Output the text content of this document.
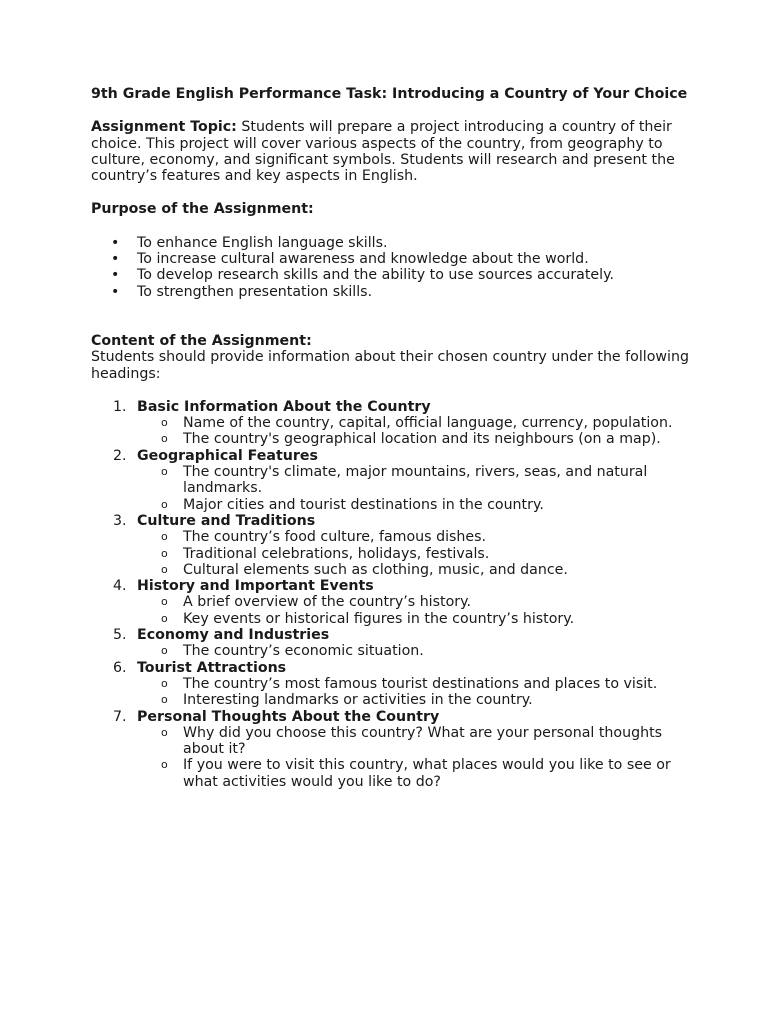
9th Grade English Performance Task: Introducing a Country of Your Choice

Assignment Topic: Students will prepare a project introducing a country of their choice. This project will cover various aspects of the country, from geography to culture, economy, and significant symbols. Students will research and present the country’s features and key aspects in English.

Purpose of the Assignment:

• To enhance English language skills.
• To increase cultural awareness and knowledge about the world.
• To develop research skills and the ability to use sources accurately.
• To strengthen presentation skills.

Content of the Assignment:

Students should provide information about their chosen country under the following headings:

1. Basic Information About the Country
o Name of the country, capital, official language, currency, population.
o The country's geographical location and its neighbours (on a map).
2. Geographical Features
o The country's climate, major mountains, rivers, seas, and natural landmarks.
o Major cities and tourist destinations in the country.
3. Culture and Traditions
o The country’s food culture, famous dishes.
o Traditional celebrations, holidays, festivals.
o Cultural elements such as clothing, music, and dance.
4. History and Important Events
o A brief overview of the country’s history.
o Key events or historical figures in the country’s history.
5. Economy and Industries
o The country’s economic situation.
6. Tourist Attractions
o The country’s most famous tourist destinations and places to visit.
o Interesting landmarks or activities in the country.
7. Personal Thoughts About the Country
o Why did you choose this country? What are your personal thoughts about it?
o If you were to visit this country, what places would you like to see or what activities would you like to do?
